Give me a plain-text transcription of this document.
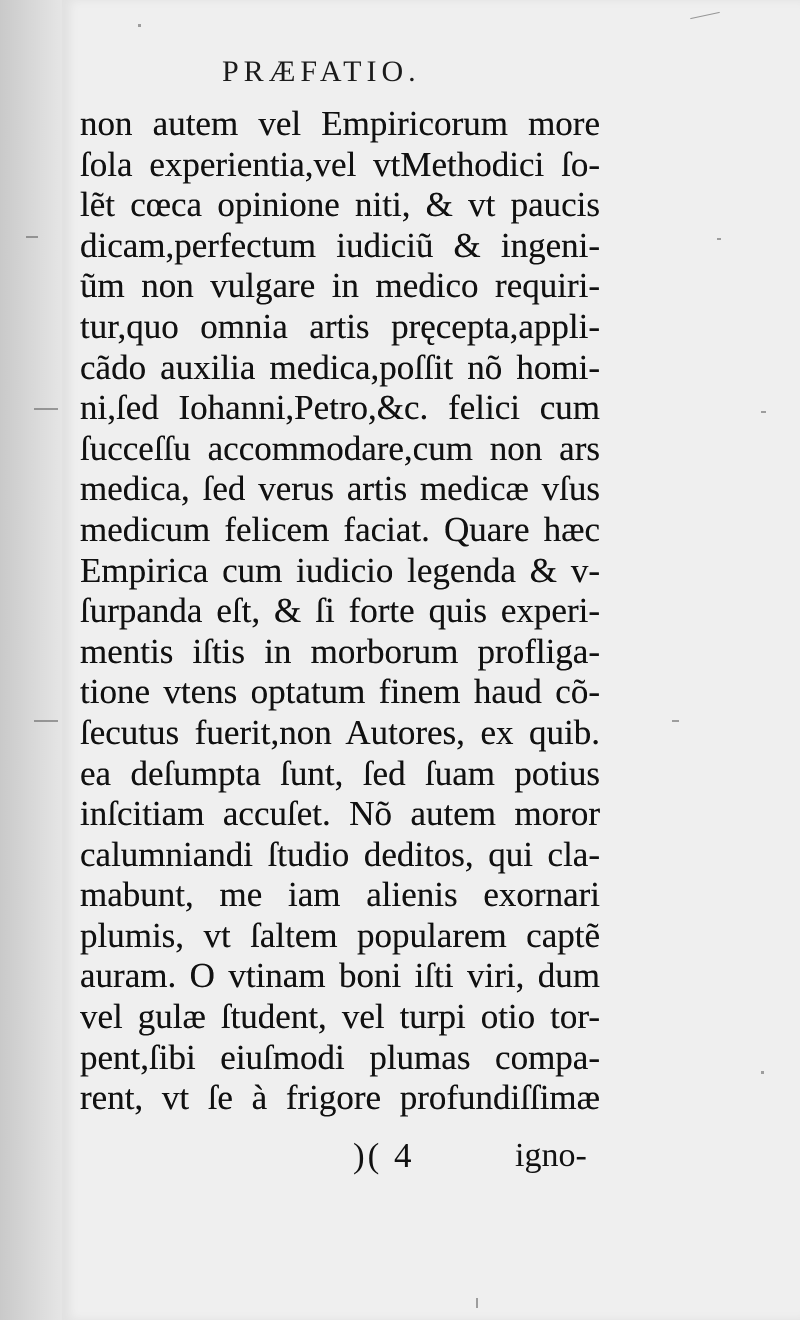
PRÆFATIO.
non autem vel Empiricorum more
ſola experientia,vel vtMethodici ſo-
lẽt cœca opinione niti, & vt paucis
dicam,perfectum iudiciũ & ingeni-
ũm non vulgare in medico requiri-
tur,quo omnia artis pręcepta,appli-
cãdo auxilia medica,poſſit nõ homi-
ni,ſed Iohanni,Petro,&c. felici cum
ſucceſſu accommodare,cum non ars
medica, ſed verus artis medicæ vſus
medicum felicem faciat. Quare hæc
Empirica cum iudicio legenda & v-
ſurpanda eſt, & ſi forte quis experi-
mentis iſtis in morborum profliga-
tione vtens optatum finem haud cõ-
ſecutus fuerit,non Autores, ex quib.
ea deſumpta ſunt, ſed ſuam potius
inſcitiam accuſet. Nõ autem moror
calumniandi ſtudio deditos, qui cla-
mabunt, me iam alienis exornari
plumis, vt ſaltem popularem captẽ
auram. O vtinam boni iſti viri, dum
vel gulæ ſtudent, vel turpi otio tor-
pent,ſibi eiuſmodi plumas compa-
rent, vt ſe à frigore profundiſſimæ
)( 4	igno-
